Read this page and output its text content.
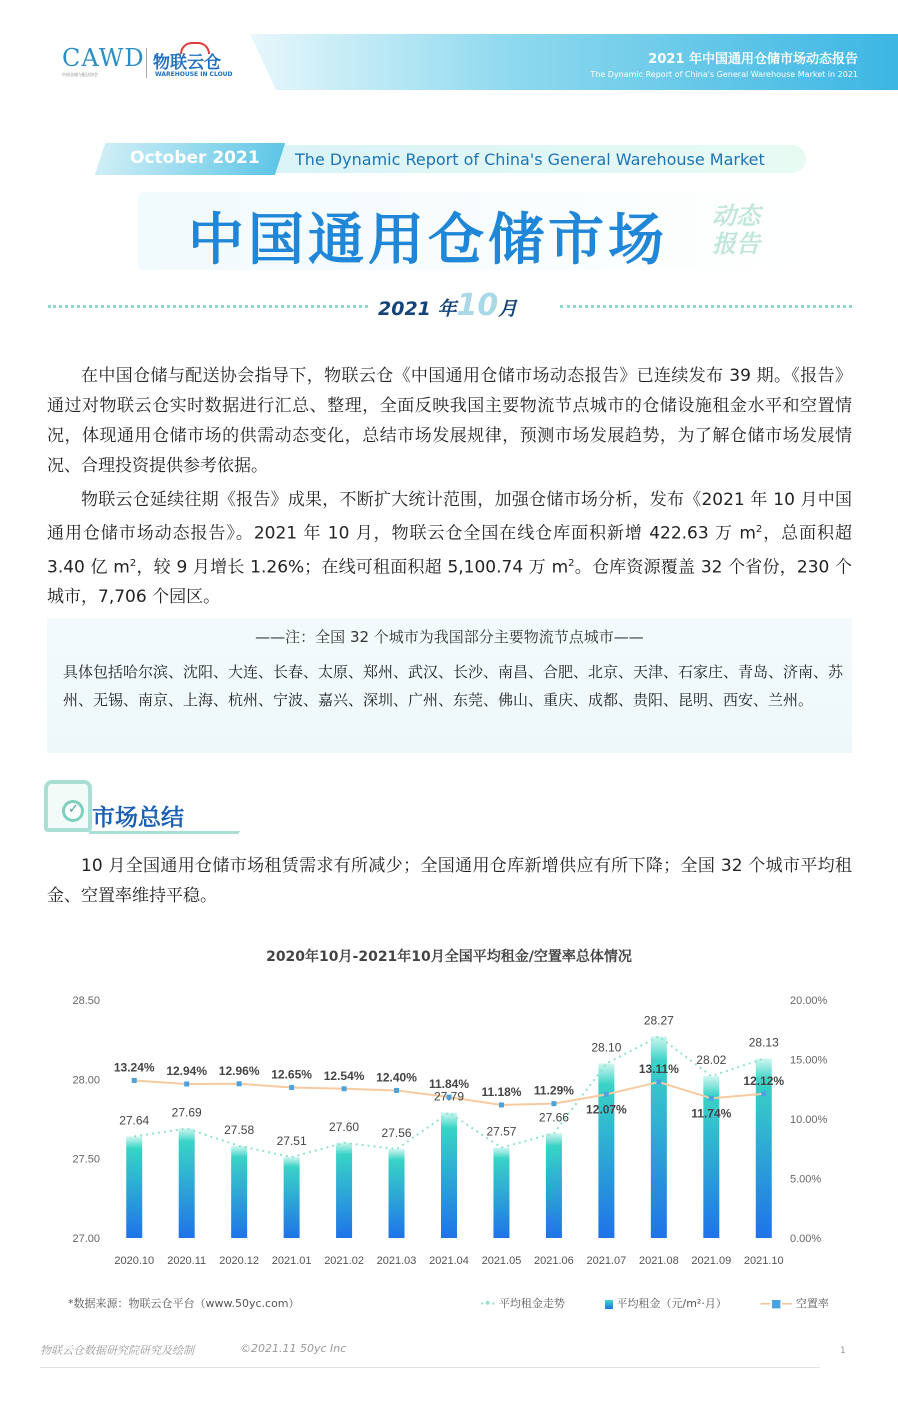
CAWD
中国仓储与配送协会
物联云仓
WAREHOUSE IN CLOUD
2021 年中国通用仓储市场动态报告
The Dynamic Report of China's General Warehouse Market in 2021
October 2021 The Dynamic Report of China's General Warehouse Market
中国通用仓储市场 动态报告
2021 年10月
在中国仓储与配送协会指导下，物联云仓《中国通用仓储市场动态报告》已连续发布 39 期。《报告》通过对物联云仓实时数据进行汇总、整理，全面反映我国主要物流节点城市的仓储设施租金水平和空置情况，体现通用仓储市场的供需动态变化，总结市场发展规律，预测市场发展趋势，为了解仓储市场发展情况、合理投资提供参考依据。
物联云仓延续往期《报告》成果，不断扩大统计范围，加强仓储市场分析，发布《2021 年 10 月中国通用仓储市场动态报告》。2021 年 10 月，物联云仓全国在线仓库面积新增 422.63 万 $m^2$，总面积超 3.40 亿 $m^2$，较 9 月增长 1.26%；在线可租面积超 5,100.74 万 $m^2$。仓库资源覆盖 32 个省份，230 个城市，7,706 个园区。
——注：全国 32 个城市为我国部分主要物流节点城市——
具体包括哈尔滨、沈阳、大连、长春、太原、郑州、武汉、长沙、南昌、合肥、北京、天津、石家庄、青岛、济南、苏州、无锡、南京、上海、杭州、宁波、嘉兴、深圳、广州、东莞、佛山、重庆、成都、贵阳、昆明、西安、兰州。
✓ 市场总结
10 月全国通用仓储市场租赁需求有所减少；全国通用仓库新增供应有所下降；全国 32 个城市平均租金、空置率维持平稳。
2020年10月-2021年10月全国平均租金/空置率总体情况
27.00
27.50
28.00
28.50
0.00%
5.00%
10.00%
15.00%
20.00%
27.64
27.69
27.58
27.51
27.60 27.56
27.79
27.57
27.66
28.10
28.27
28.02
28.13
13.24% 12.94% 12.96% 12.65% 12.54% 12.40% 11.84%
11.18% 11.29%
12.07%
13.11%
11.74%
12.12%
2020.10 2020.11 2020.12 2021.01 2021.02 2021.03 2021.04 2021.05 2021.06 2021.07 2021.08 2021.09 2021.10
*数据来源：物联云仓平台（www.50yc.com）	·•· 平均租金走势	平均租金（元/m²·月）	—■— 空置率
物联云仓数据研究院研究及绘制	©2021.11 50yc Inc	1
